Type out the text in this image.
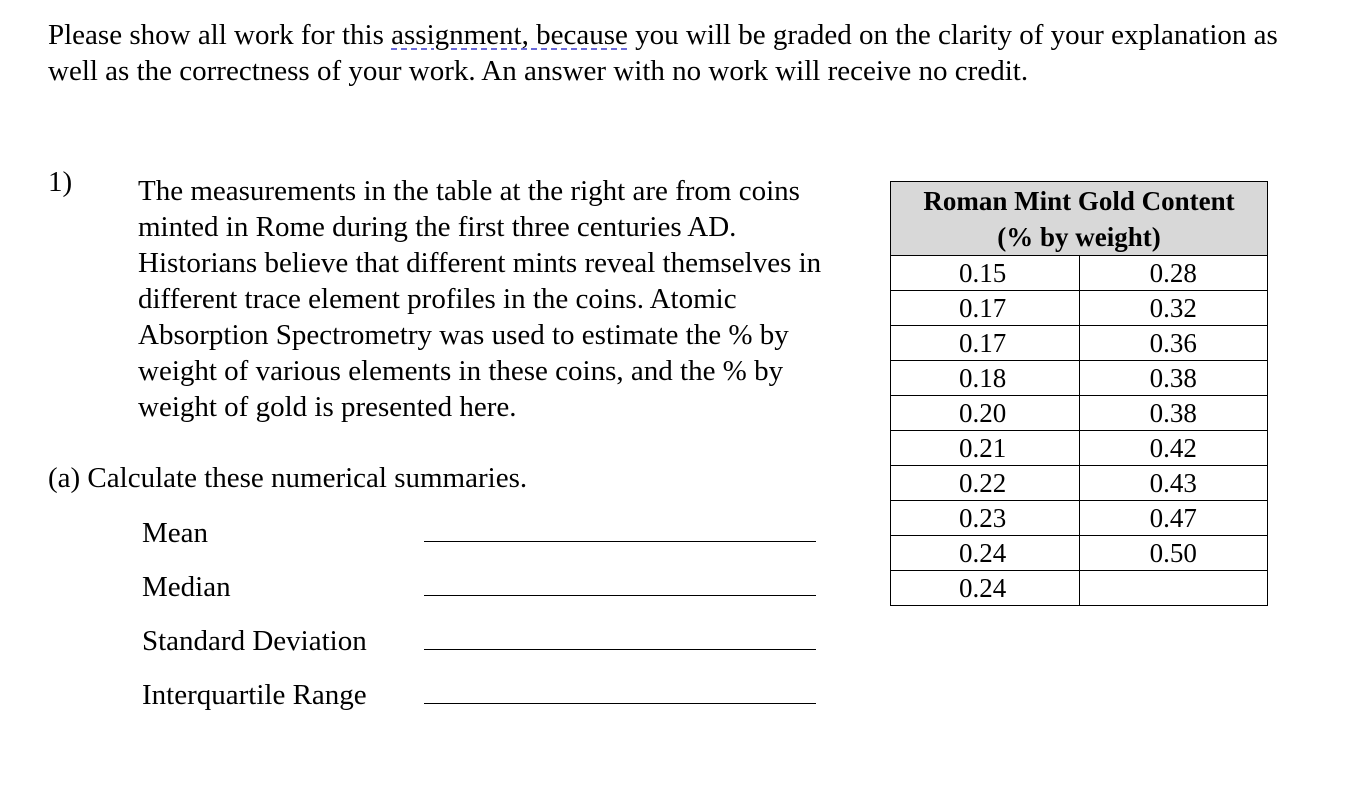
Please show all work for this assignment, because you will be graded on the clarity of your explanation as well as the correctness of your work. An answer with no work will receive no credit.
1) The measurements in the table at the right are from coins minted in Rome during the first three centuries AD. Historians believe that different mints reveal themselves in different trace element profiles in the coins. Atomic Absorption Spectrometry was used to estimate the % by weight of various elements in these coins, and the % by weight of gold is presented here.
(a) Calculate these numerical summaries.
Mean
Median
Standard Deviation
Interquartile Range
Roman Mint Gold Content
(% by weight)	
0.15	0.28
0.17	0.32
0.17	0.36
0.18	0.38
0.20	0.38
0.21	0.42
0.22	0.43
0.23	0.47
0.24	0.50
0.24	
